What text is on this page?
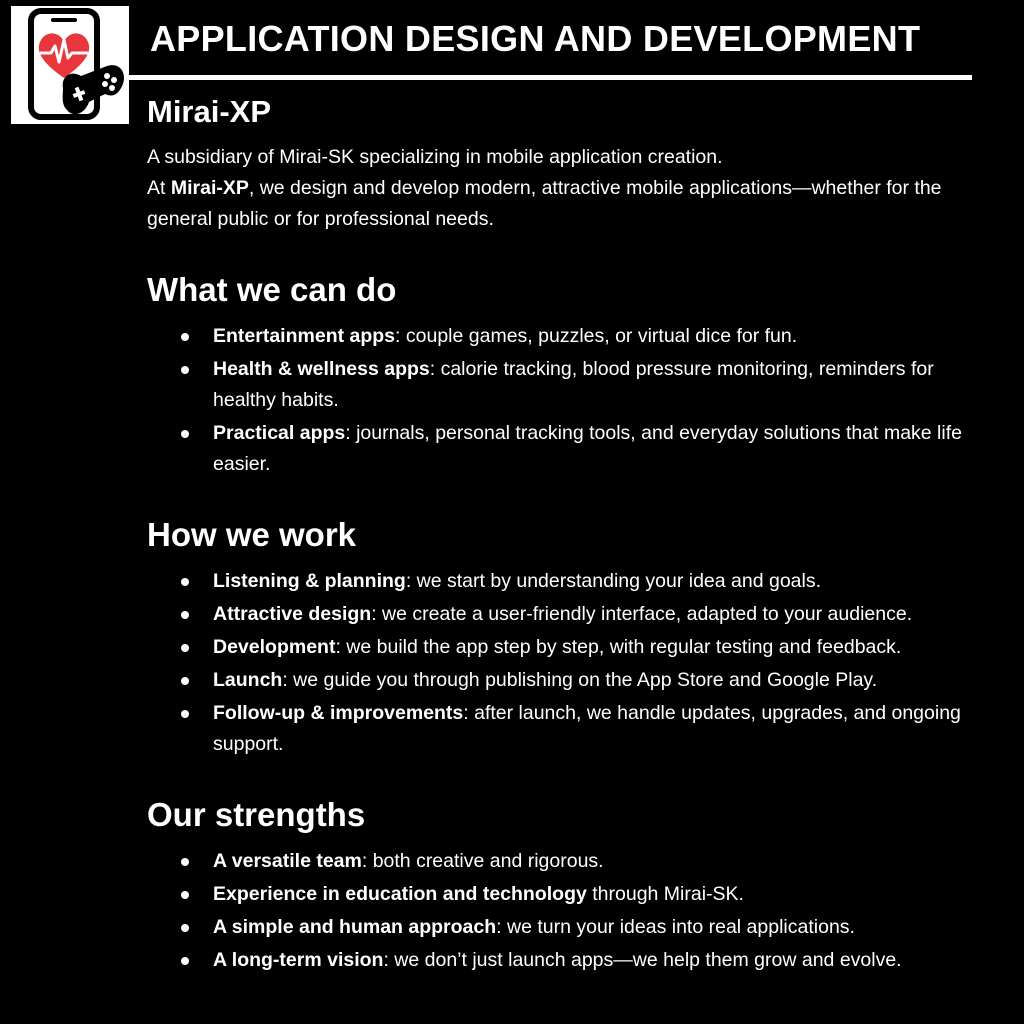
APPLICATION DESIGN AND DEVELOPMENT
Mirai-XP

A subsidiary of Mirai-SK specializing in mobile application creation.
At Mirai-XP, we design and develop modern, attractive mobile applications—whether for the general public or for professional needs.

What we can do
Entertainment apps: couple games, puzzles, or virtual dice for fun.
Health & wellness apps: calorie tracking, blood pressure monitoring, reminders for healthy habits.
Practical apps: journals, personal tracking tools, and everyday solutions that make life easier.
How we work
Listening & planning: we start by understanding your idea and goals.
Attractive design: we create a user-friendly interface, adapted to your audience.
Development: we build the app step by step, with regular testing and feedback.
Launch: we guide you through publishing on the App Store and Google Play.
Follow-up & improvements: after launch, we handle updates, upgrades, and ongoing support.
Our strengths
A versatile team: both creative and rigorous.
Experience in education and technology through Mirai-SK.
A simple and human approach: we turn your ideas into real applications.
A long-term vision: we don’t just launch apps—we help them grow and evolve.
